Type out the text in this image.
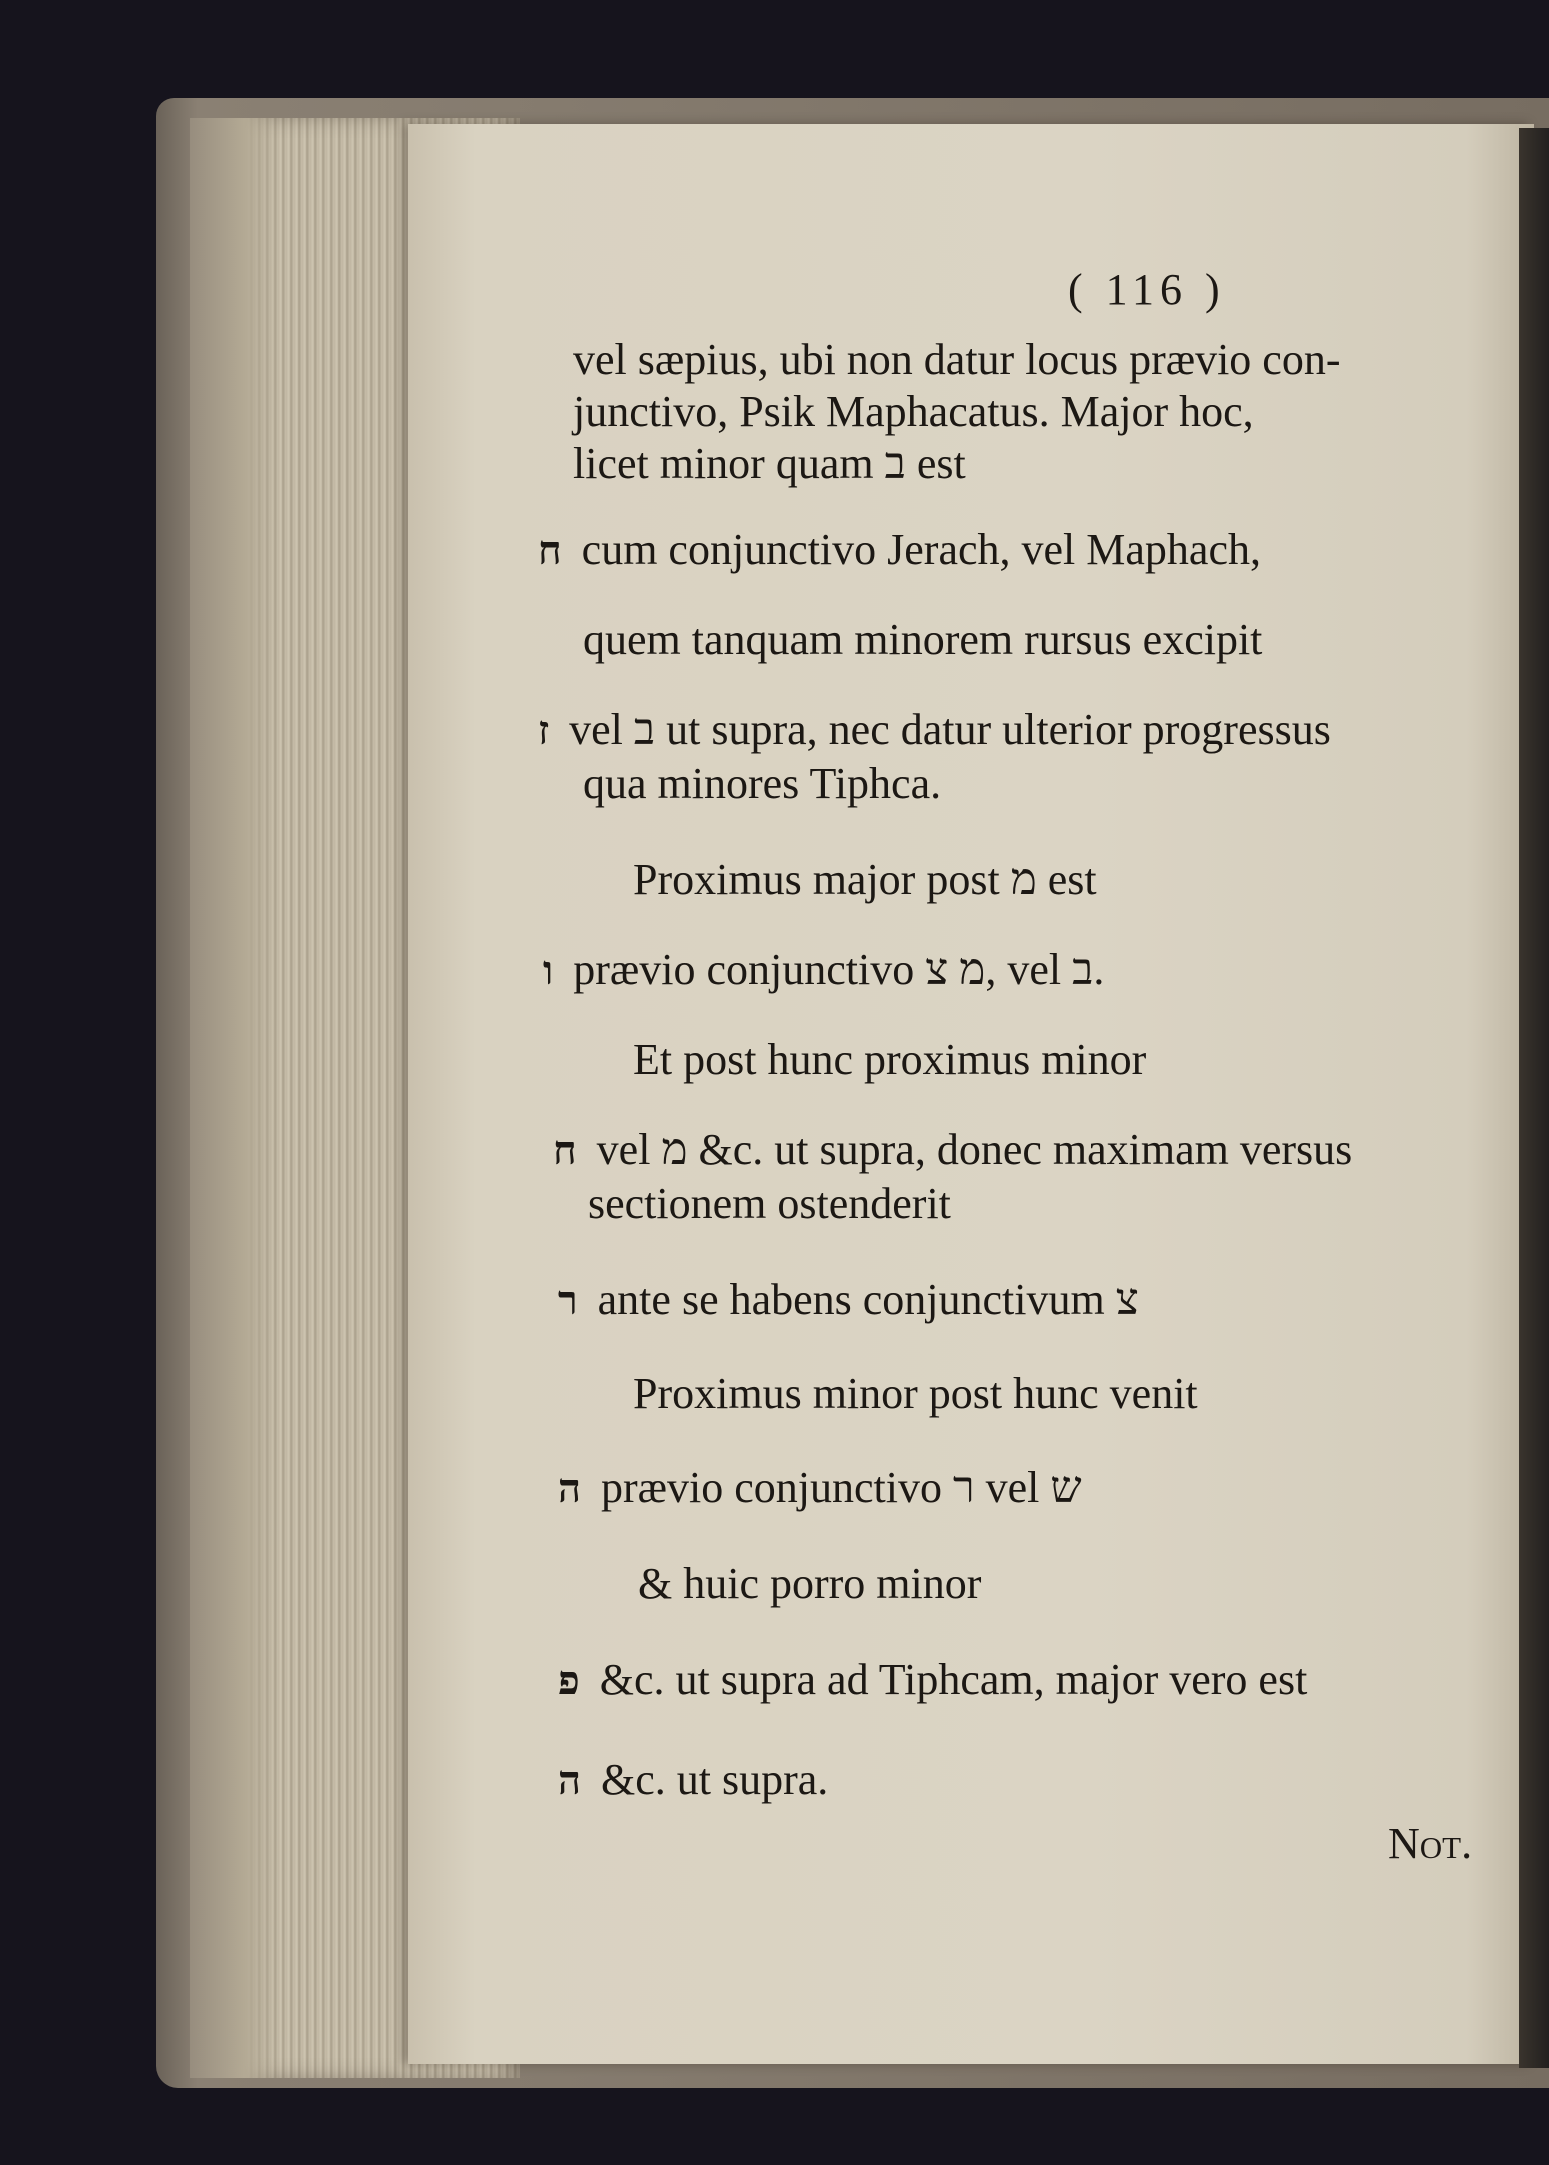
( 116 )
vel sæpius, ubi non datur locus prævio con-
junctivo, Psik Maphacatus. Major hoc,
licet minor quam ב est
ח cum conjunctivo Jerach, vel Maphach,
quem tanquam minorem rursus excipit
ז vel ב ut supra, nec datur ulterior progressus
qua minores Tiphca.
Proximus major post מ est
ו prævio conjunctivo מ צ, vel ב.
Et post hunc proximus minor
ח vel מ &c. ut supra, donec maximam versus
sectionem ostenderit
ר ante se habens conjunctivum צ
Proximus minor post hunc venit
ה prævio conjunctivo ר vel ש
& huic porro minor
פ &c. ut supra ad Tiphcam, major vero est
ה &c. ut supra.
Not.
